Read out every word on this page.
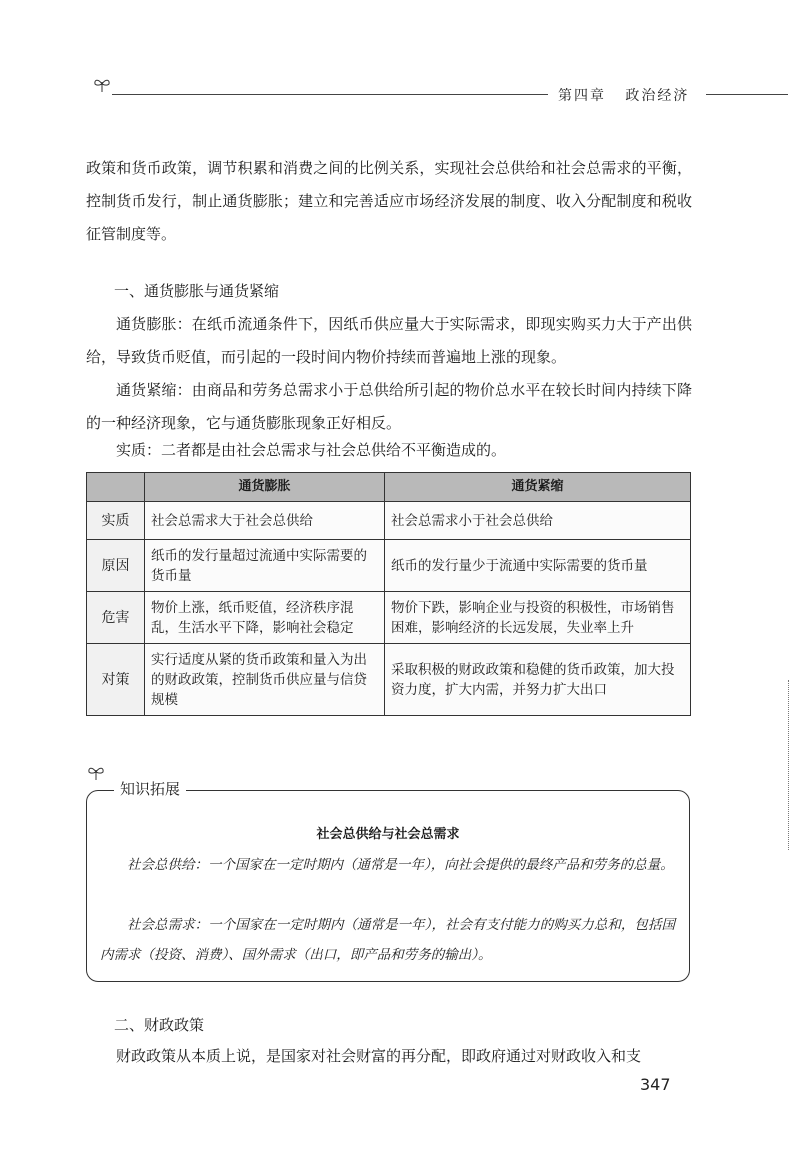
第四章 政治经济

政策和货币政策，调节积累和消费之间的比例关系，实现社会总供给和社会总需求的平衡，控制货币发行，制止通货膨胀；建立和完善适应市场经济发展的制度、收入分配制度和税收征管制度等。

一、通货膨胀与通货紧缩

通货膨胀：在纸币流通条件下，因纸币供应量大于实际需求，即现实购买力大于产出供给，导致货币贬值，而引起的一段时间内物价持续而普遍地上涨的现象。

通货紧缩：由商品和劳务总需求小于总供给所引起的物价总水平在较长时间内持续下降的一种经济现象，它与通货膨胀现象正好相反。

实质：二者都是由社会总需求与社会总供给不平衡造成的。

	通货膨胀	通货紧缩
实质	社会总需求大于社会总供给	社会总需求小于社会总供给
原因	纸币的发行量超过流通中实际需要的货币量	纸币的发行量少于流通中实际需要的货币量
危害	物价上涨，纸币贬值，经济秩序混乱，生活水平下降，影响社会稳定	物价下跌，影响企业与投资的积极性，市场销售困难，影响经济的长远发展，失业率上升
对策	实行适度从紧的货币政策和量入为出的财政政策，控制货币供应量与信贷规模	采取积极的财政政策和稳健的货币政策，加大投资力度，扩大内需，并努力扩大出口
知识拓展

社会总供给与社会总需求

社会总供给：一个国家在一定时期内（通常是一年），向社会提供的最终产品和劳务的总量。

社会总需求：一个国家在一定时期内（通常是一年），社会有支付能力的购买力总和，包括国内需求（投资、消费）、国外需求（出口，即产品和劳务的输出）。

二、财政政策

财政政策从本质上说，是国家对社会财富的再分配，即政府通过对财政收入和支

347
